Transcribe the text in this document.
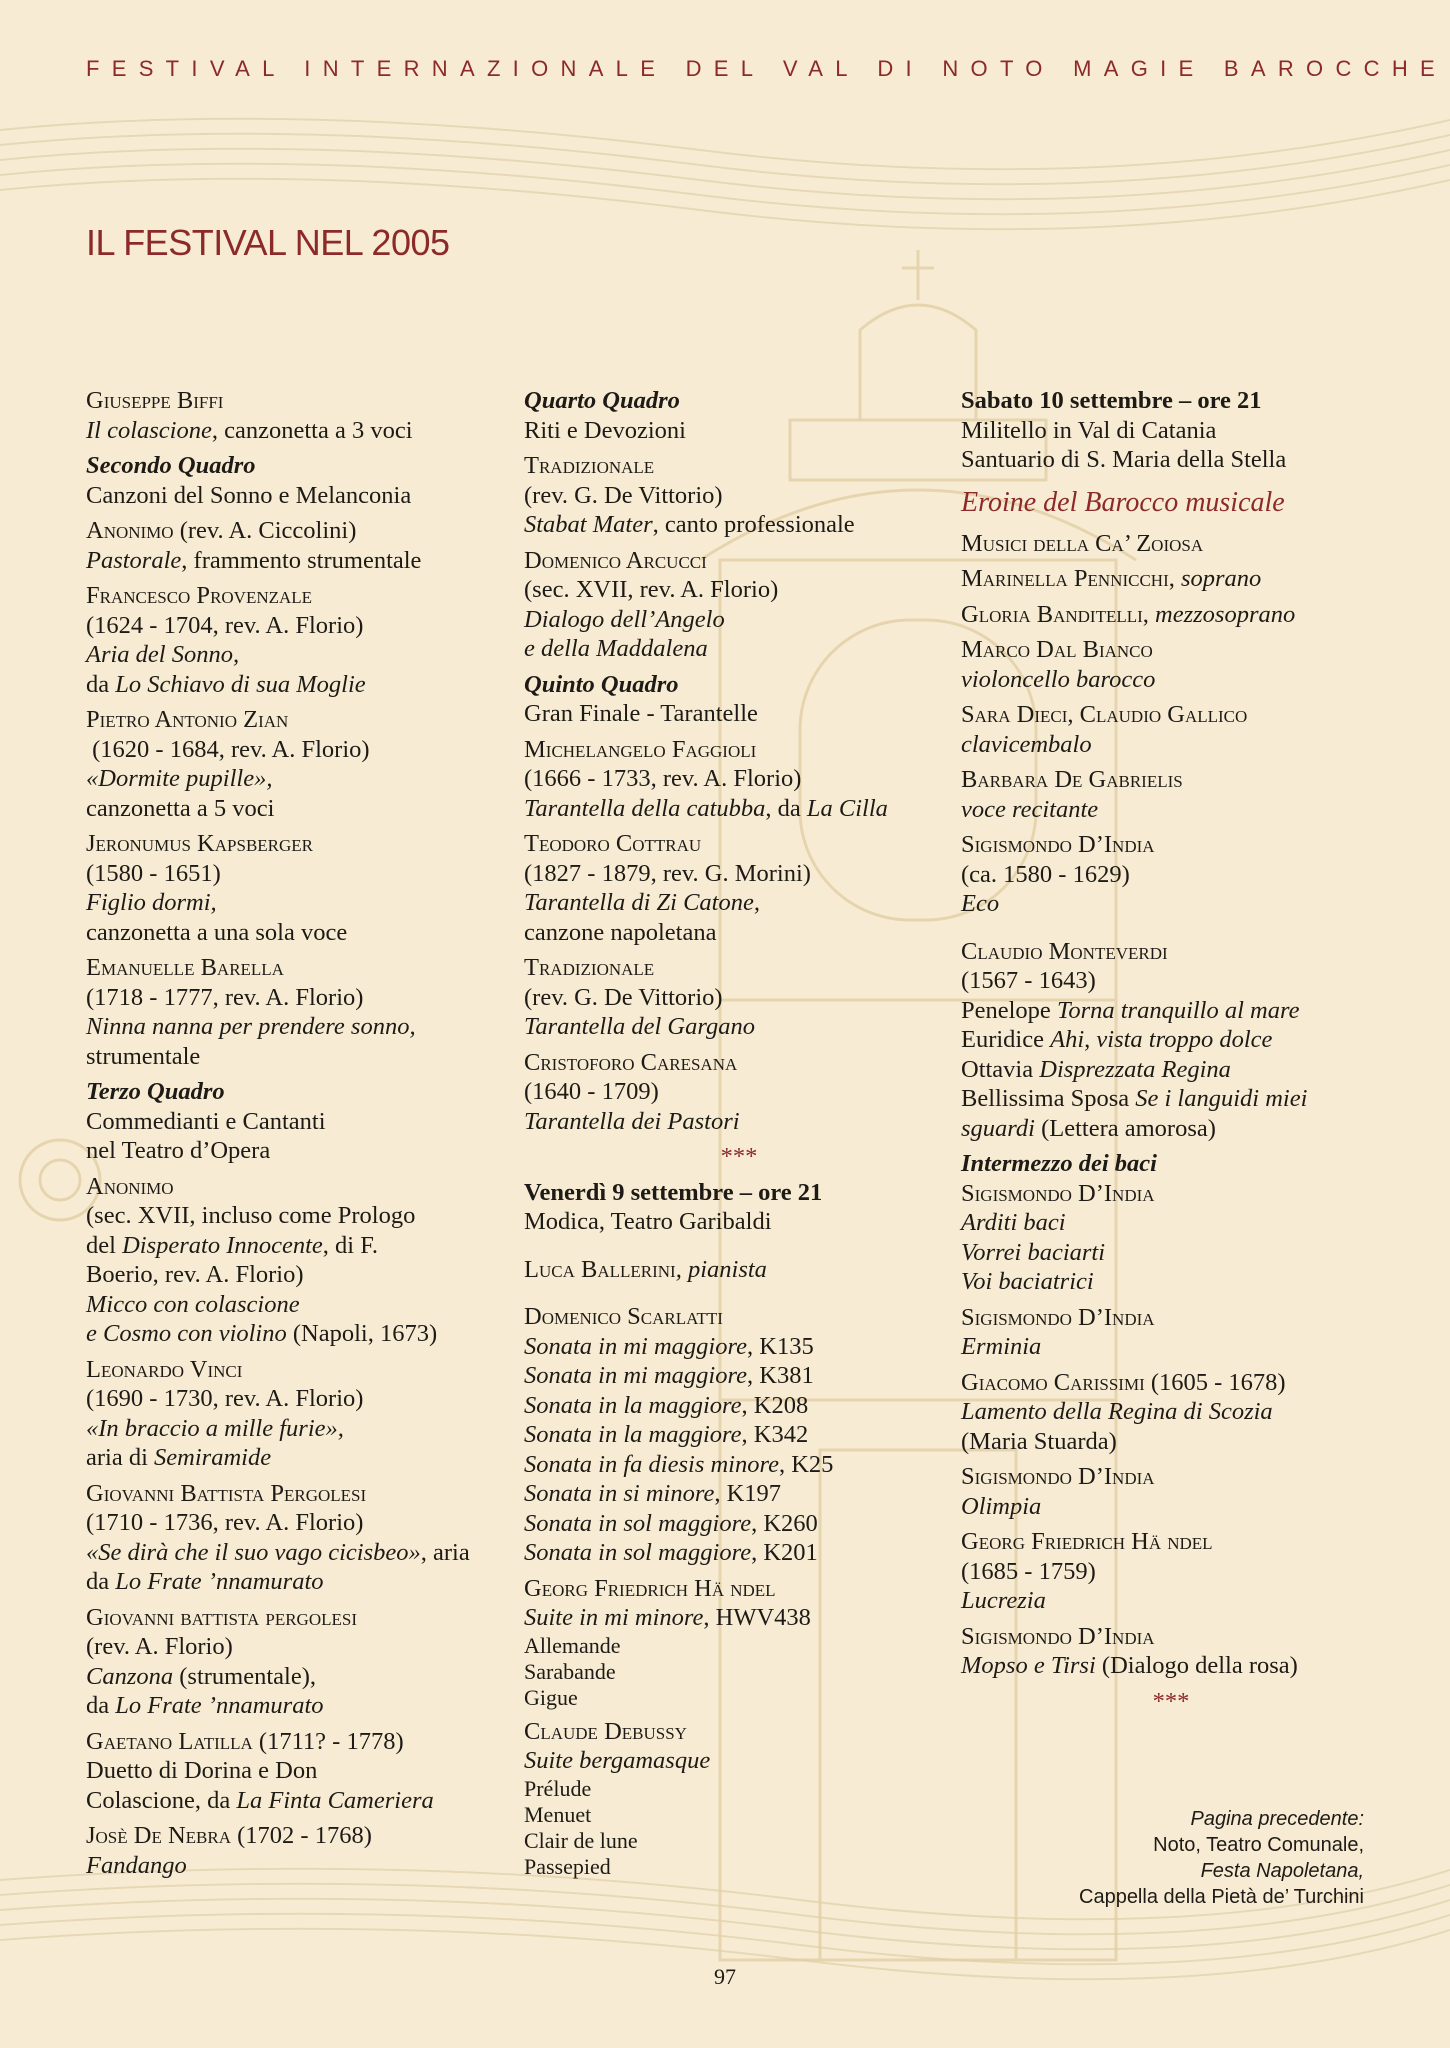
FESTIVAL INTERNAZIONALE DEL VAL DI NOTO MAGIE BAROCCHE
IL FESTIVAL NEL 2005
Giuseppe Biffi
Il colascione, canzonetta a 3 voci
Secondo Quadro
Canzoni del Sonno e Melanconia
Anonimo (rev. A. Ciccolini)
Pastorale, frammento strumentale
Francesco Provenzale
(1624 - 1704, rev. A. Florio)
Aria del Sonno,
da Lo Schiavo di sua Moglie
Pietro Antonio Zian
(1620 - 1684, rev. A. Florio)
«Dormite pupille»,
canzonetta a 5 voci
Jeronumus Kapsberger
(1580 - 1651)
Figlio dormi,
canzonetta a una sola voce
Emanuelle Barella
(1718 - 1777, rev. A. Florio)
Ninna nanna per prendere sonno,
strumentale
Terzo Quadro
Commedianti e Cantanti
nel Teatro d’Opera
Anonimo
(sec. XVII, incluso come Prologo
del Disperato Innocente, di F.
Boerio, rev. A. Florio)
Micco con colascione
e Cosmo con violino (Napoli, 1673)
Leonardo Vinci
(1690 - 1730, rev. A. Florio)
«In braccio a mille furie»,
aria di Semiramide
Giovanni Battista Pergolesi
(1710 - 1736, rev. A. Florio)
«Se dirà che il suo vago cicisbeo», aria
da Lo Frate ’nnamurato
Giovanni battista pergolesi
(rev. A. Florio)
Canzona (strumentale),
da Lo Frate ’nnamurato
Gaetano Latilla (1711? - 1778)
Duetto di Dorina e Don
Colascione, da La Finta Cameriera
Josè De Nebra (1702 - 1768)
Fandango
Quarto Quadro
Riti e Devozioni
Tradizionale
(rev. G. De Vittorio)
Stabat Mater, canto professionale
Domenico Arcucci
(sec. XVII, rev. A. Florio)
Dialogo dell’Angelo
e della Maddalena
Quinto Quadro
Gran Finale - Tarantelle
Michelangelo Faggioli
(1666 - 1733, rev. A. Florio)
Tarantella della catubba, da La Cilla
Teodoro Cottrau
(1827 - 1879, rev. G. Morini)
Tarantella di Zi Catone,
canzone napoletana
Tradizionale
(rev. G. De Vittorio)
Tarantella del Gargano
Cristoforo Caresana
(1640 - 1709)
Tarantella dei Pastori
***
Venerdì 9 settembre – ore 21
Modica, Teatro Garibaldi
Luca Ballerini, pianista
Domenico Scarlatti
Sonata in mi maggiore, K135
Sonata in mi maggiore, K381
Sonata in la maggiore, K208
Sonata in la maggiore, K342
Sonata in fa diesis minore, K25
Sonata in si minore, K197
Sonata in sol maggiore, K260
Sonata in sol maggiore, K201
Georg Friedrich Hä ndel
Suite in mi minore, HWV438
Allemande
Sarabande
Gigue
Claude Debussy
Suite bergamasque
Prélude
Menuet
Clair de lune
Passepied
Sabato 10 settembre – ore 21
Militello in Val di Catania
Santuario di S. Maria della Stella
Eroine del Barocco musicale
Musici della Ca’ Zoiosa
Marinella Pennicchi, soprano
Gloria Banditelli, mezzosoprano
Marco Dal Bianco
violoncello barocco
Sara Dieci, Claudio Gallico
clavicembalo
Barbara De Gabrielis
voce recitante
Sigismondo D’India
(ca. 1580 - 1629)
Eco
Claudio Monteverdi
(1567 - 1643)
Penelope Torna tranquillo al mare
Euridice Ahi, vista troppo dolce
Ottavia Disprezzata Regina
Bellissima Sposa Se i languidi miei
sguardi (Lettera amorosa)
Intermezzo dei baci
Sigismondo D’India
Arditi baci
Vorrei baciarti
Voi baciatrici
Sigismondo D’India
Erminia
Giacomo Carissimi (1605 - 1678)
Lamento della Regina di Scozia
(Maria Stuarda)
Sigismondo D’India
Olimpia
Georg Friedrich Hä ndel
(1685 - 1759)
Lucrezia
Sigismondo D’India
Mopso e Tirsi (Dialogo della rosa)
***
Pagina precedente:
Noto, Teatro Comunale,
Festa Napoletana,
Cappella della Pietà de’ Turchini
97
